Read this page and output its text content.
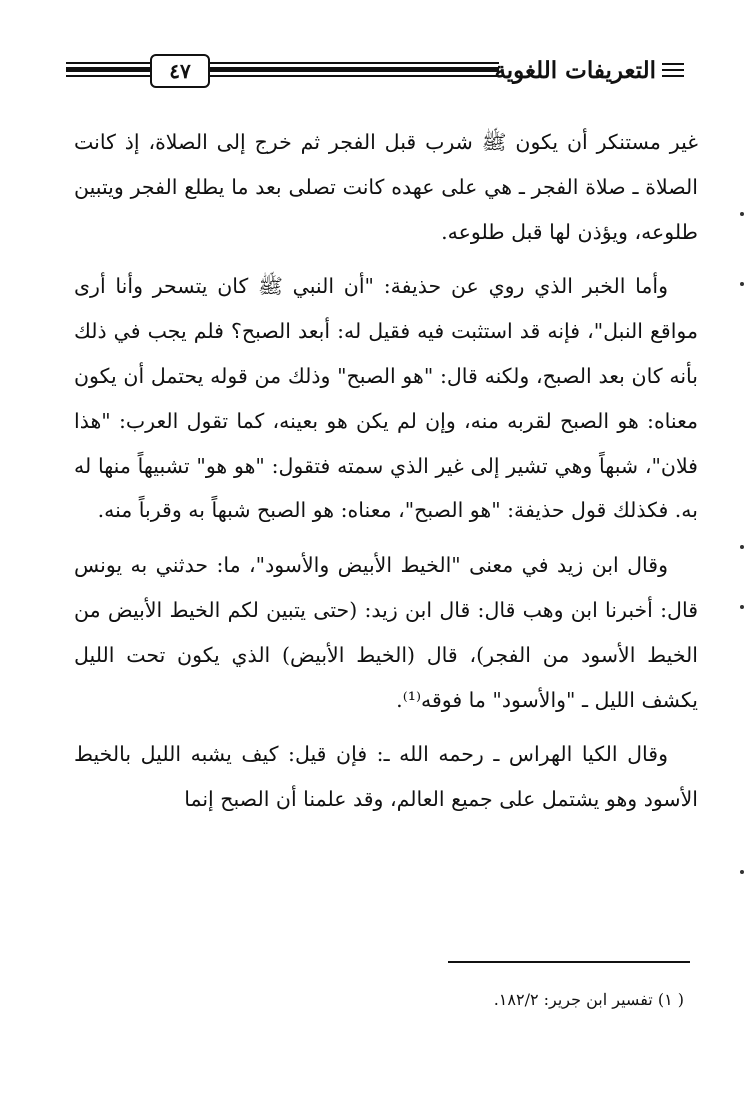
٤٧	التعريفات اللغوية

غير مستنكر أن يكون ﷺ شرب قبل الفجر ثم خرج إلى الصلاة، إذ كانت الصلاة ـ صلاة الفجر ـ هي على عهده كانت تصلى بعد ما يطلع الفجر ويتبين طلوعه، ويؤذن لها قبل طلوعه.

وأما الخبر الذي روي عن حذيفة: "أن النبي ﷺ كان يتسحر وأنا أرى مواقع النبل"، فإنه قد استثبت فيه فقيل له: أبعد الصبح؟ فلم يجب في ذلك بأنه كان بعد الصبح، ولكنه قال: "هو الصبح" وذلك من قوله يحتمل أن يكون معناه: هو الصبح لقربه منه، وإن لم يكن هو بعينه، كما تقول العرب: "هذا فلان"، شبهاً وهي تشير إلى غير الذي سمته فتقول: "هو هو" تشبيهاً منها له به. فكذلك قول حذيفة: "هو الصبح"، معناه: هو الصبح شبهاً به وقرباً منه.

وقال ابن زيد في معنى "الخيط الأبيض والأسود"، ما: حدثني به يونس قال: أخبرنا ابن وهب قال: قال ابن زيد: (حتى يتبين لكم الخيط الأبيض من الخيط الأسود من الفجر)، قال (الخيط الأبيض) الذي يكون تحت الليل يكشف الليل ـ "والأسود" ما فوقه⁽¹⁾.

وقال الكيا الهراس ـ رحمه الله ـ: فإن قيل: كيف يشبه الليل بالخيط الأسود وهو يشتمل على جميع العالم، وقد علمنا أن الصبح إنما

( ١) تفسير ابن جرير: ١٨٢/٢.
